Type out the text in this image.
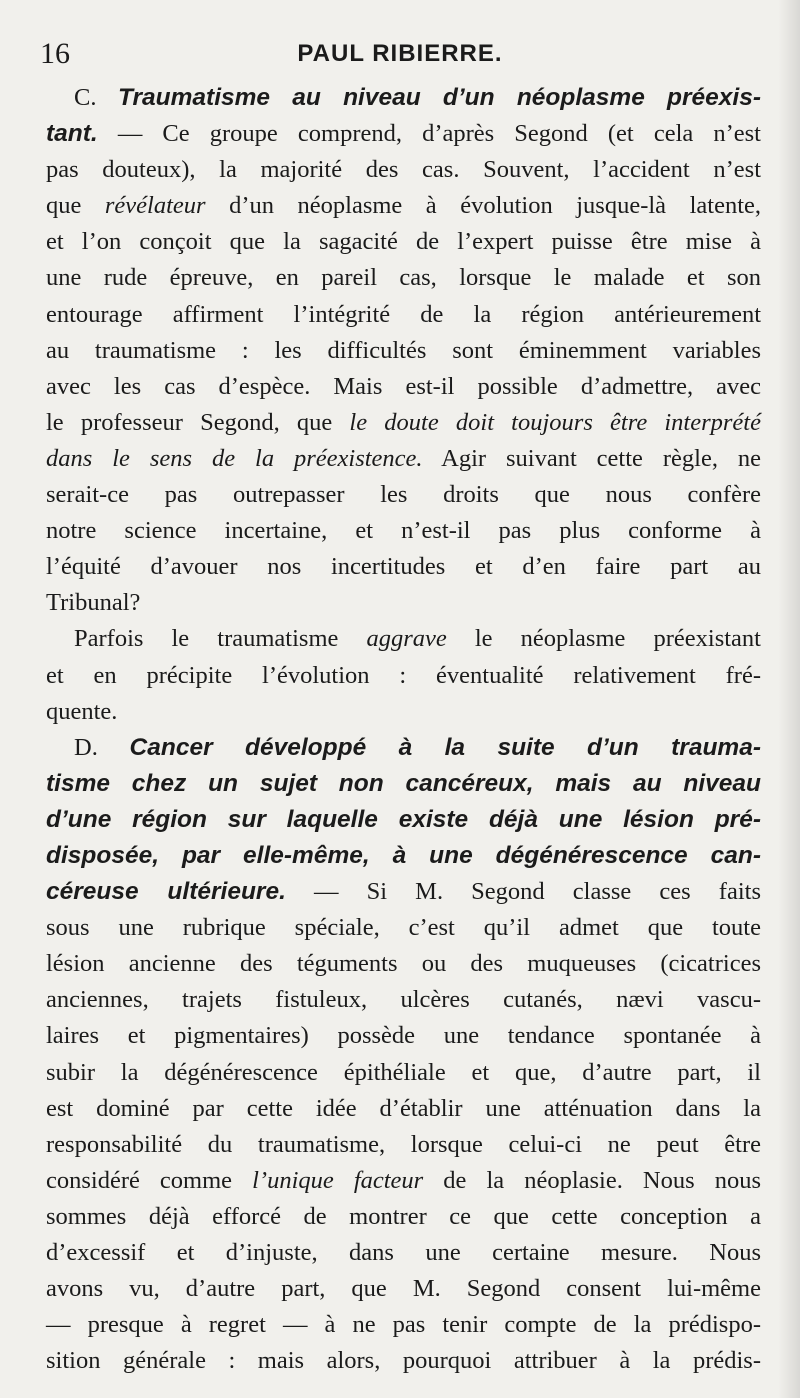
16	PAUL RIBIERRE.
C. Traumatisme au niveau d’un néoplasme préexis-
tant. — Ce groupe comprend, d’après Segond (et cela n’est
pas douteux), la majorité des cas. Souvent, l’accident n’est
que révélateur d’un néoplasme à évolution jusque-là latente,
et l’on conçoit que la sagacité de l’expert puisse être mise à
une rude épreuve, en pareil cas, lorsque le malade et son
entourage affirment l’intégrité de la région antérieurement
au traumatisme : les difficultés sont éminemment variables
avec les cas d’espèce. Mais est-il possible d’admettre, avec
le professeur Segond, que le doute doit toujours être interprété
dans le sens de la préexistence. Agir suivant cette règle, ne
serait-ce pas outrepasser les droits que nous confère
notre science incertaine, et n’est-il pas plus conforme à
l’équité d’avouer nos incertitudes et d’en faire part au
Tribunal?
Parfois le traumatisme aggrave le néoplasme préexistant
et en précipite l’évolution : éventualité relativement fré-
quente.
D. Cancer développé à la suite d’un trauma-
tisme chez un sujet non cancéreux, mais au niveau
d’une région sur laquelle existe déjà une lésion pré-
disposée, par elle-même, à une dégénérescence can-
céreuse ultérieure. — Si M. Segond classe ces faits
sous une rubrique spéciale, c’est qu’il admet que toute
lésion ancienne des téguments ou des muqueuses (cicatrices
anciennes, trajets fistuleux, ulcères cutanés, nævi vascu-
laires et pigmentaires) possède une tendance spontanée à
subir la dégénérescence épithéliale et que, d’autre part, il
est dominé par cette idée d’établir une atténuation dans la
responsabilité du traumatisme, lorsque celui-ci ne peut être
considéré comme l’unique facteur de la néoplasie. Nous nous
sommes déjà efforcé de montrer ce que cette conception a
d’excessif et d’injuste, dans une certaine mesure. Nous
avons vu, d’autre part, que M. Segond consent lui-même
— presque à regret — à ne pas tenir compte de la prédispo-
sition générale : mais alors, pourquoi attribuer à la prédis-
